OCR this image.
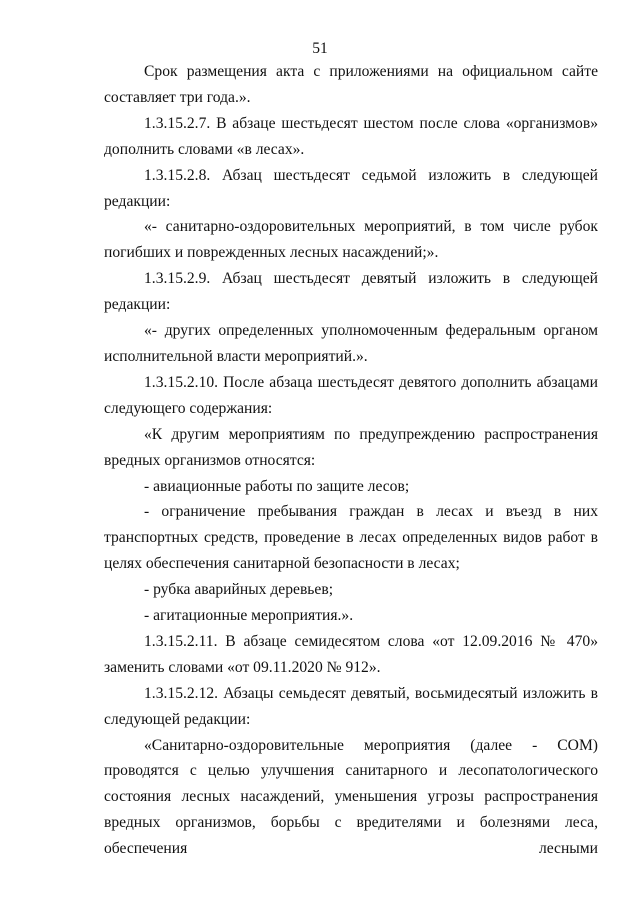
51

Срок размещения акта с приложениями на официальном сайте составляет три года.».

1.3.15.2.7. В абзаце шестьдесят шестом после слова «организмов» дополнить словами «в лесах».

1.3.15.2.8. Абзац шестьдесят седьмой изложить в следующей редакции:

«- санитарно-оздоровительных мероприятий, в том числе рубок погибших и поврежденных лесных насаждений;».

1.3.15.2.9. Абзац шестьдесят девятый изложить в следующей редакции:

«- других определенных уполномоченным федеральным органом исполнительной власти мероприятий.».

1.3.15.2.10. После абзаца шестьдесят девятого дополнить абзацами следующего содержания:

«К другим мероприятиям по предупреждению распространения вредных организмов относятся:

- авиационные работы по защите лесов;

- ограничение пребывания граждан в лесах и въезд в них транспортных средств, проведение в лесах определенных видов работ в целях обеспечения санитарной безопасности в лесах;

- рубка аварийных деревьев;

- агитационные мероприятия.».

1.3.15.2.11. В абзаце семидесятом слова «от 12.09.2016 № 470» заменить словами «от 09.11.2020 № 912».

1.3.15.2.12. Абзацы семьдесят девятый, восьмидесятый изложить в следующей редакции:

«Санитарно-оздоровительные мероприятия (далее - СОМ) проводятся с целью улучшения санитарного и лесопатологического состояния лесных насаждений, уменьшения угрозы распространения вредных организмов, борьбы с вредителями и болезнями леса, обеспечения лесными
